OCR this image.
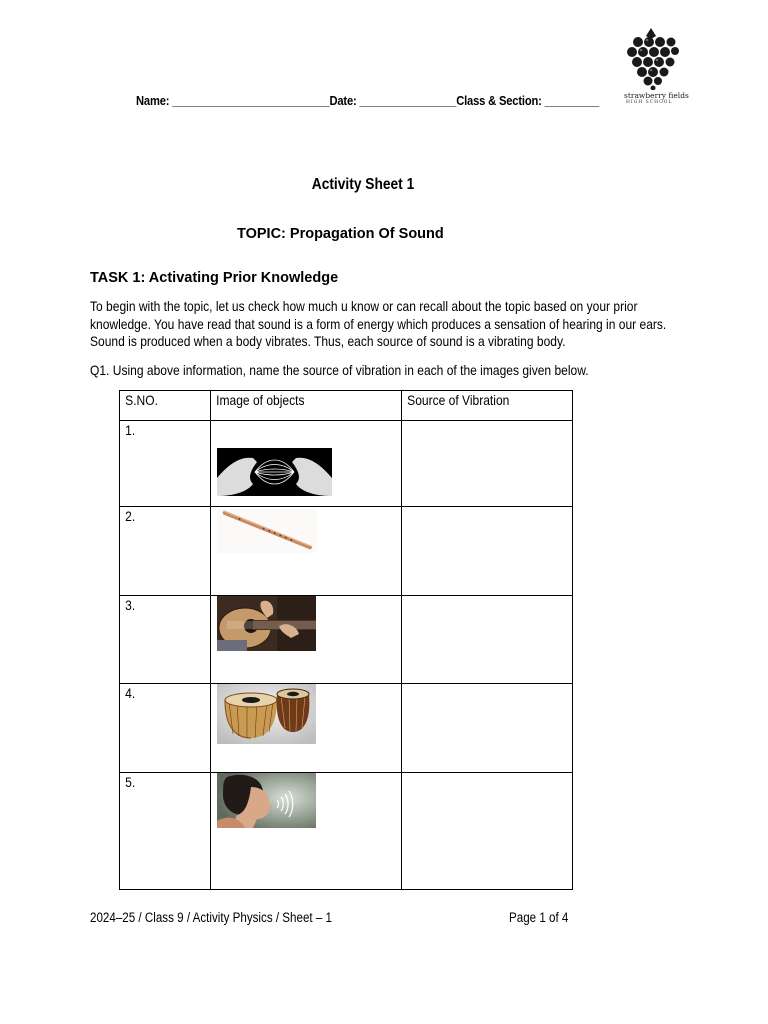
Name: __________________________Date: ________________Class & Section: _________	strawberry fields
HIGH SCHOOL
Activity Sheet 1
TOPIC: Propagation Of Sound
TASK 1: Activating Prior Knowledge
To begin with the topic, let us check how much u know or can recall about the topic based on your prior knowledge. You have read that sound is a form of energy which produces a sensation of hearing in our ears. Sound is produced when a body vibrates. Thus, each source of sound is a vibrating body.
Q1. Using above information, name the source of vibration in each of the images given below.
S.NO.	Image of objects	Source of Vibration
1.	

2.	

3.	

4.	

5.	

2024–25 / Class 9 / Activity Physics / Sheet – 1	Page 1 of 4
